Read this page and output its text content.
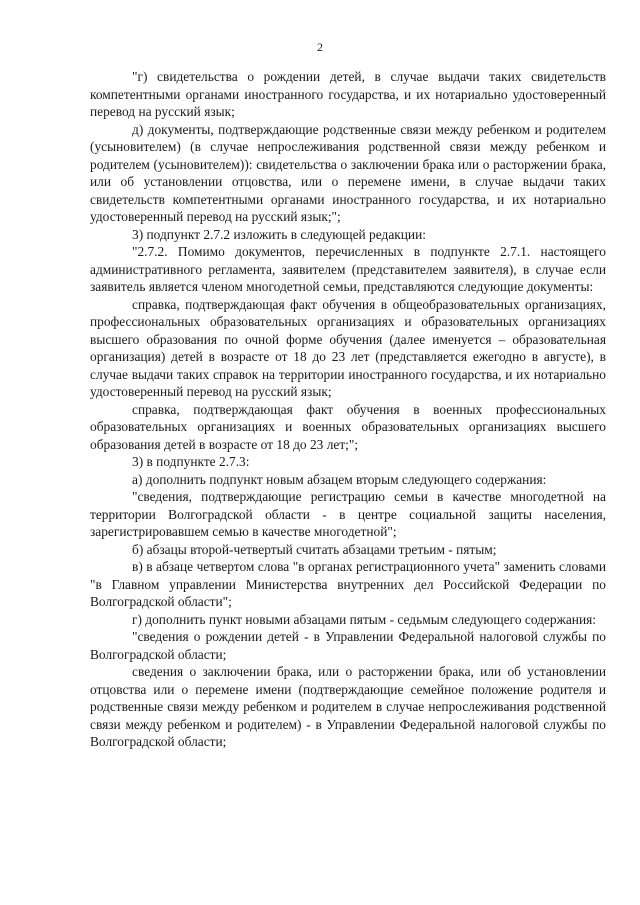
2

"г) свидетельства о рождении детей, в случае выдачи таких свидетельств компетентными органами иностранного государства, и их нотариально удостоверенный перевод на русский язык;

д) документы, подтверждающие родственные связи между ребенком и родителем (усыновителем) (в случае непрослеживания родственной связи между ребенком и родителем (усыновителем)): свидетельства о заключении брака или о расторжении брака, или об установлении отцовства, или о перемене имени, в случае выдачи таких свидетельств компетентными органами иностранного государства, и их нотариально удостоверенный перевод на русский язык;";

3) подпункт 2.7.2 изложить в следующей редакции:

"2.7.2. Помимо документов, перечисленных в подпункте 2.7.1. настоящего административного регламента, заявителем (представителем заявителя), в случае если заявитель является членом многодетной семьи, представляются следующие документы:

справка, подтверждающая факт обучения в общеобразовательных организациях, профессиональных образовательных организациях и образовательных организациях высшего образования по очной форме обучения (далее именуется – образовательная организация) детей в возрасте от 18 до 23 лет (представляется ежегодно в августе), в случае выдачи таких справок на территории иностранного государства, и их нотариально удостоверенный перевод на русский язык;

справка, подтверждающая факт обучения в военных профессиональных образовательных организациях и военных образовательных организациях высшего образования детей в возрасте от 18 до 23 лет;";

3) в подпункте 2.7.3:

а) дополнить подпункт новым абзацем вторым следующего содержания:

"сведения, подтверждающие регистрацию семьи в качестве многодетной на территории Волгоградской области - в центре социальной защиты населения, зарегистрировавшем семью в качестве многодетной";

б) абзацы второй-четвертый считать абзацами третьим - пятым;

в) в абзаце четвертом слова "в органах регистрационного учета" заменить словами "в Главном управлении Министерства внутренних дел Российской Федерации по Волгоградской области";

г) дополнить пункт новыми абзацами пятым - седьмым следующего содержания:

"сведения о рождении детей - в Управлении Федеральной налоговой службы по Волгоградской области;

сведения о заключении брака, или о расторжении брака, или об установлении отцовства или о перемене имени (подтверждающие семейное положение родителя и родственные связи между ребенком и родителем в случае непрослеживания родственной связи между ребенком и родителем) - в Управлении Федеральной налоговой службы по Волгоградской области;
